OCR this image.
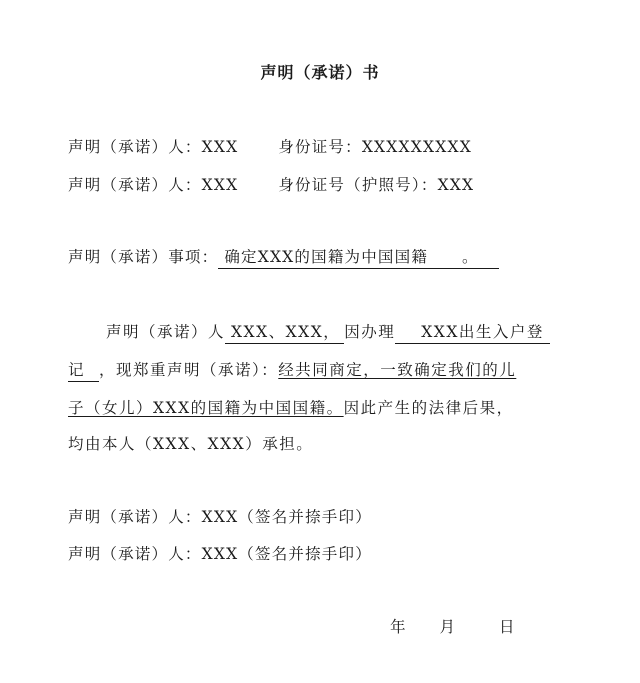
声明（承诺）书
声明（承诺）人：XXX	身份证号：XXXXXXXXX
声明（承诺）人：XXX	身份证号（护照号）：XXX
声明（承诺）事项： 确定XXX的国籍为中国国籍 。
声明（承诺）人 XXX、XXX， 因办理 XXX出生入户登
记 ，现郑重声明（承诺）：经共同商定，一致确定我们的儿
子（女儿）XXX的国籍为中国国籍。因此产生的法律后果，
均由本人（XXX、XXX）承担。
声明（承诺）人：XXX（签名并捺手印）
声明（承诺）人：XXX（签名并捺手印）
年 月	日
